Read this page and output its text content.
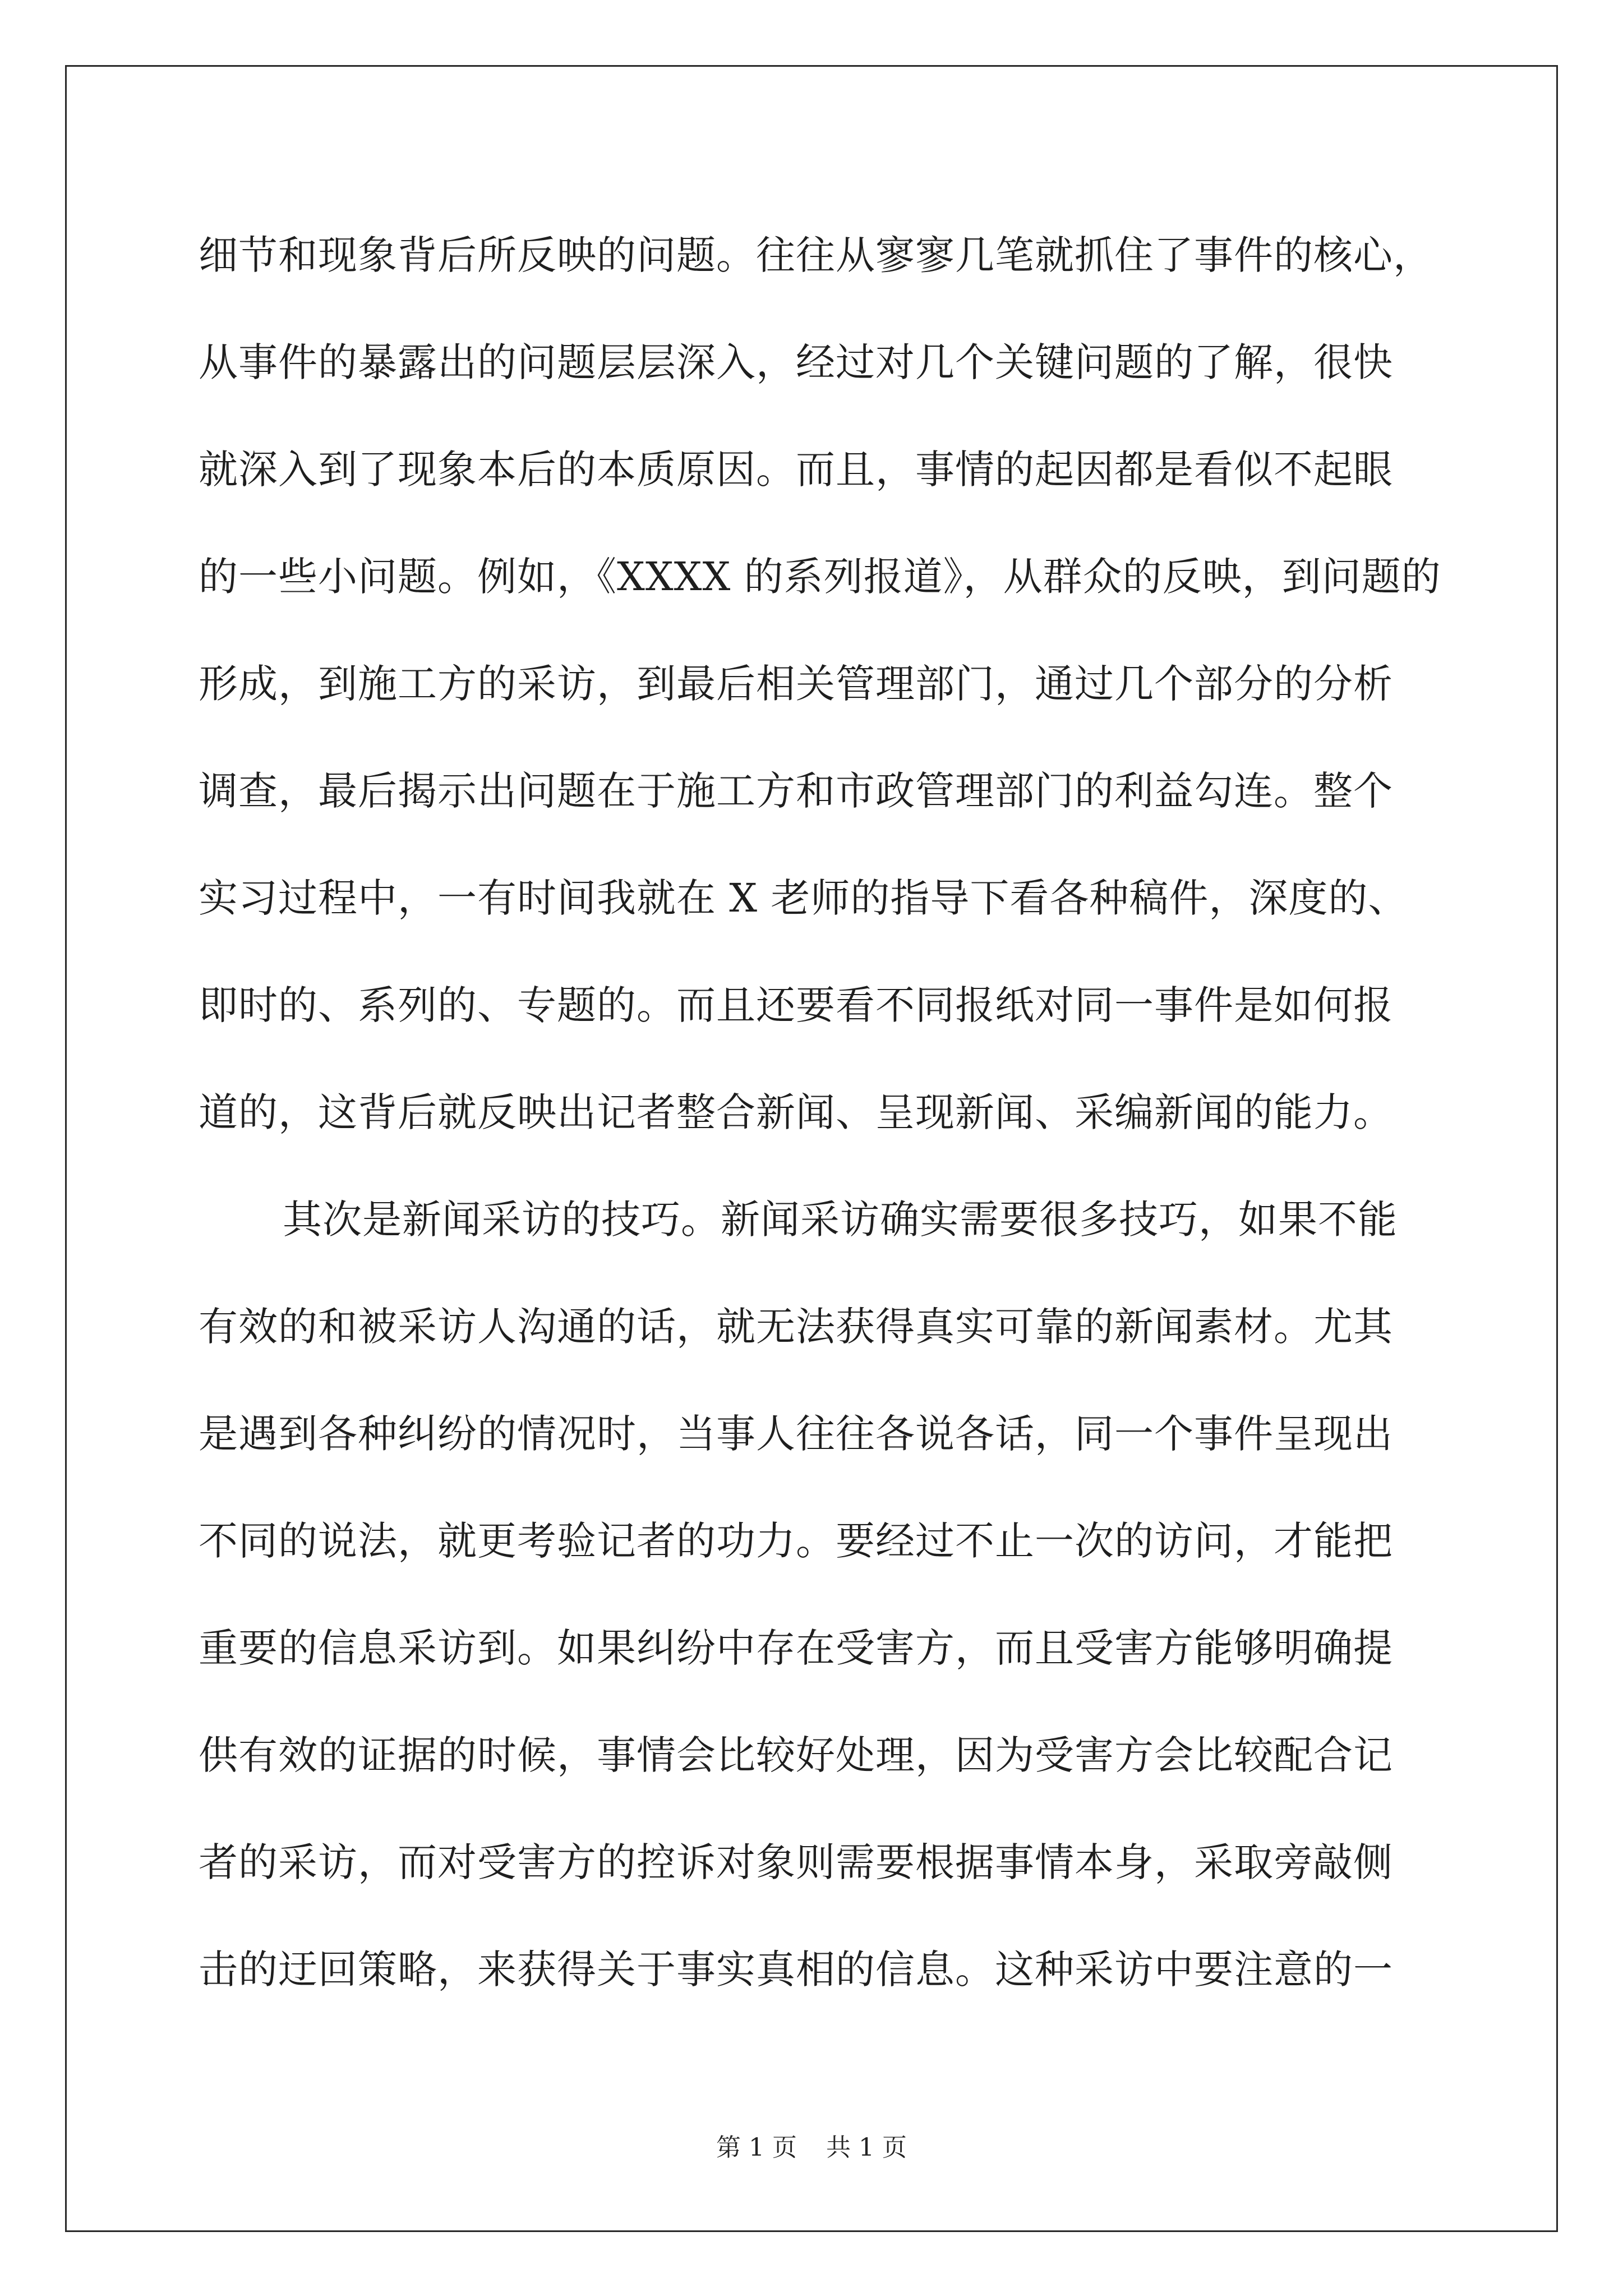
细节和现象背后所反映的问题。往往从寥寥几笔就抓住了事件的核心，
从事件的暴露出的问题层层深入，经过对几个关键问题的了解，很快
就深入到了现象本后的本质原因。而且，事情的起因都是看似不起眼
的一些小问题。例如，《XXXX 的系列报道》，从群众的反映，到问题的
形成，到施工方的采访，到最后相关管理部门，通过几个部分的分析
调查，最后揭示出问题在于施工方和市政管理部门的利益勾连。整个
实习过程中，一有时间我就在 X 老师的指导下看各种稿件，深度的、
即时的、系列的、专题的。而且还要看不同报纸对同一事件是如何报
道的，这背后就反映出记者整合新闻、呈现新闻、采编新闻的能力。
其次是新闻采访的技巧。新闻采访确实需要很多技巧，如果不能
有效的和被采访人沟通的话，就无法获得真实可靠的新闻素材。尤其
是遇到各种纠纷的情况时，当事人往往各说各话，同一个事件呈现出
不同的说法，就更考验记者的功力。要经过不止一次的访问，才能把
重要的信息采访到。如果纠纷中存在受害方，而且受害方能够明确提
供有效的证据的时候，事情会比较好处理，因为受害方会比较配合记
者的采访，而对受害方的控诉对象则需要根据事情本身，采取旁敲侧
击的迂回策略，来获得关于事实真相的信息。这种采访中要注意的一
第 1 页 共 1 页
